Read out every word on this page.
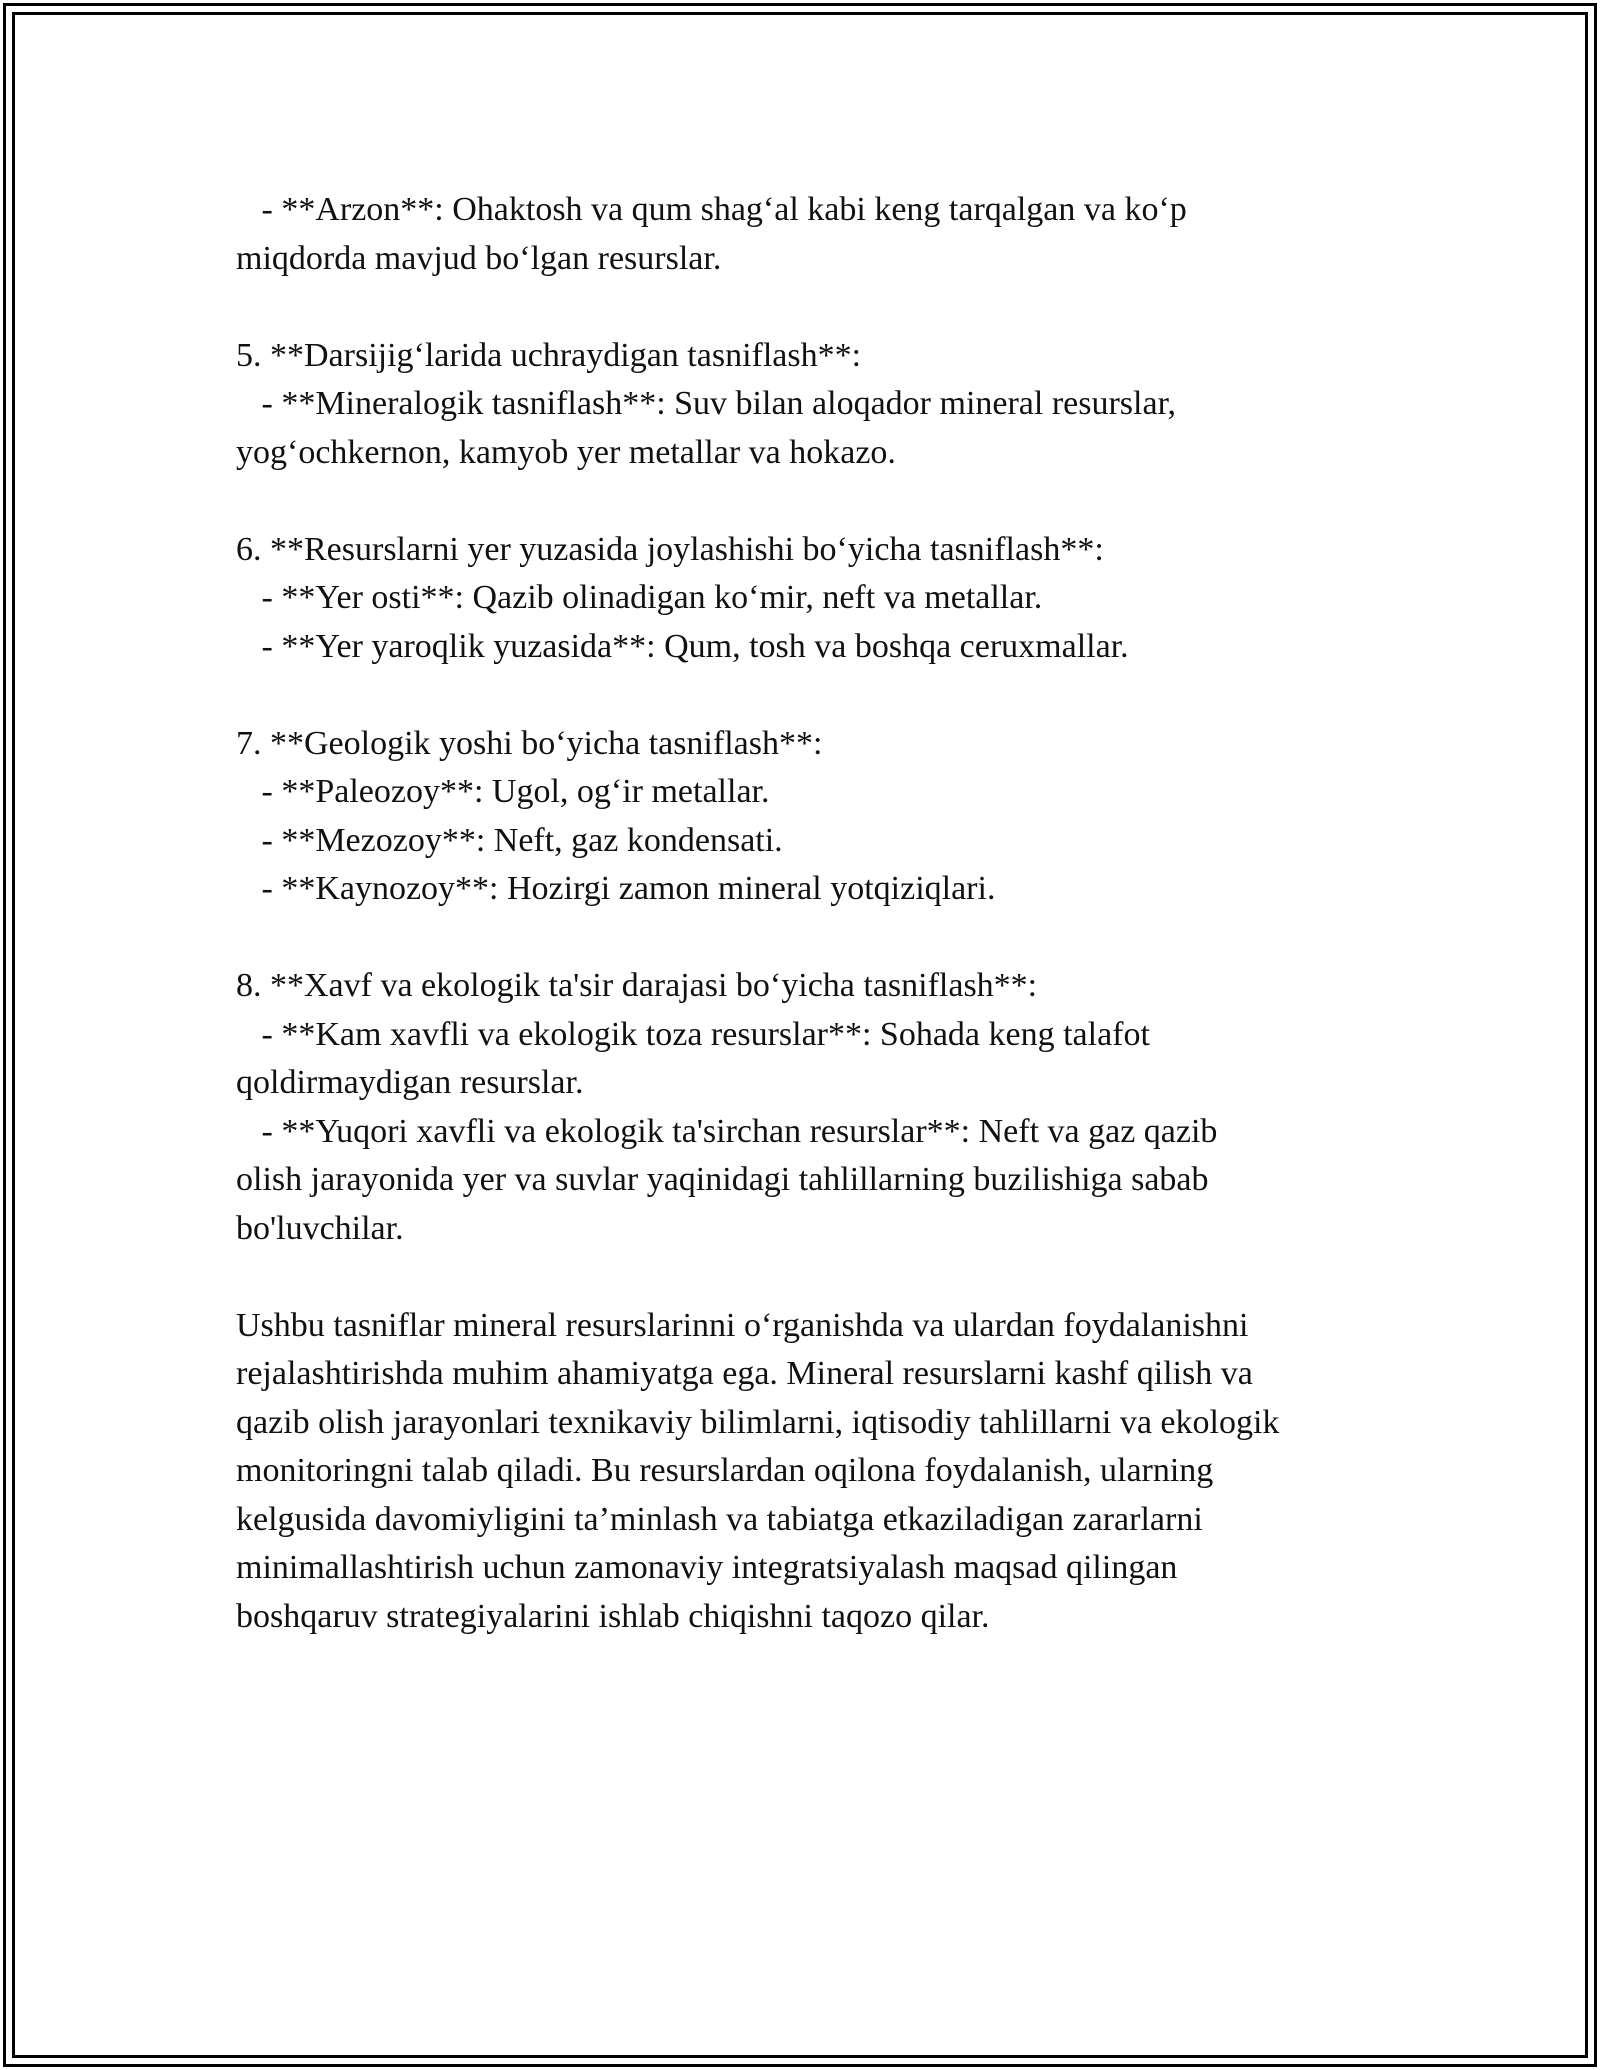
- **Arzon**: Ohaktosh va qum shag‘al kabi keng tarqalgan va ko‘p
miqdorda mavjud bo‘lgan resurslar.
5. **Darsijig‘larida uchraydigan tasniflash**:
- **Mineralogik tasniflash**: Suv bilan aloqador mineral resurslar,
yog‘ochkernon, kamyob yer metallar va hokazo.
6. **Resurslarni yer yuzasida joylashishi bo‘yicha tasniflash**:
- **Yer osti**: Qazib olinadigan ko‘mir, neft va metallar.
- **Yer yaroqlik yuzasida**: Qum, tosh va boshqa ceruxmallar.
7. **Geologik yoshi bo‘yicha tasniflash**:
- **Paleozoy**: Ugol, og‘ir metallar.
- **Mezozoy**: Neft, gaz kondensati.
- **Kaynozoy**: Hozirgi zamon mineral yotqiziqlari.
8. **Xavf va ekologik ta'sir darajasi bo‘yicha tasniflash**:
- **Kam xavfli va ekologik toza resurslar**: Sohada keng talafot
qoldirmaydigan resurslar.
- **Yuqori xavfli va ekologik ta'sirchan resurslar**: Neft va gaz qazib
olish jarayonida yer va suvlar yaqinidagi tahlillarning buzilishiga sabab
bo'luvchilar.
Ushbu tasniflar mineral resurslarinni o‘rganishda va ulardan foydalanishni
rejalashtirishda muhim ahamiyatga ega. Mineral resurslarni kashf qilish va
qazib olish jarayonlari texnikaviy bilimlarni, iqtisodiy tahlillarni va ekologik
monitoringni talab qiladi. Bu resurslardan oqilona foydalanish, ularning
kelgusida davomiyligini ta’minlash va tabiatga etkaziladigan zararlarni
minimallashtirish uchun zamonaviy integratsiyalash maqsad qilingan
boshqaruv strategiyalarini ishlab chiqishni taqozo qilar.
